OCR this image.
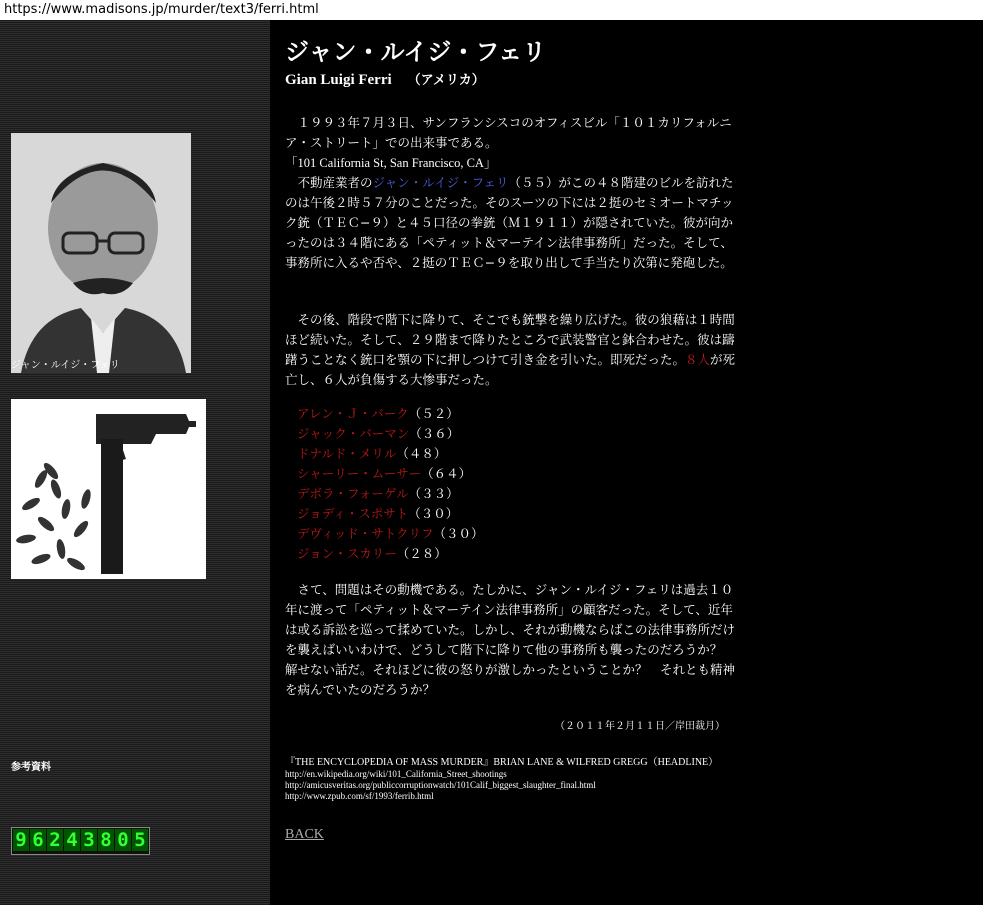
https://www.madisons.jp/murder/text3/ferri.html
ジャン・ルイジ・フェリ
ＴＥＣ−９
参考資料
9 6 2 4 3 8 0 5
ジャン・ルイジ・フェリ
Gian Luigi Ferri （アメリカ）
　１９９３年７月３日、サンフランシスコのオフィスビル「１０１カリフォルニア・ストリート」での出来事である。
「101 California St, San Francisco, CA」
　不動産業者のジャン・ルイジ・フェリ（５５）がこの４８階建のビルを訪れたのは午後２時５７分のことだった。そのスーツの下には２挺のセミオートマチック銃（ＴＥＣ−９）と４５口径の拳銃（Ｍ１９１１）が隠されていた。彼が向かったのは３４階にある「ペティット＆マーテイン法律事務所」だった。そして、事務所に入るや否や、２挺のＴＥＣ−９を取り出して手当たり次第に発砲した。
　その後、階段で階下に降りて、そこでも銃撃を繰り広げた。彼の狼藉は１時間ほど続いた。そして、２９階まで降りたところで武装警官と鉢合わせた。彼は躊躇うことなく銃口を顎の下に押しつけて引き金を引いた。即死だった。８人が死亡し、６人が負傷する大惨事だった。
アレン・Ｊ・バーク（５２）
ジャック・バーマン（３６）
ドナルド・メリル（４８）
シャーリー・ムーサー（６４）
デボラ・フォーゲル（３３）
ジョディ・スポサト（３０）
デヴィッド・サトクリフ（３０）
ジョン・スカリー（２８）
　さて、問題はその動機である。たしかに、ジャン・ルイジ・フェリは過去１０年に渡って「ペティット＆マーテイン法律事務所」の顧客だった。そして、近年は或る訴訟を巡って揉めていた。しかし、それが動機ならばこの法律事務所だけを襲えばいいわけで、どうして階下に降りて他の事務所も襲ったのだろうか？　解せない話だ。それほどに彼の怒りが激しかったということか？　それとも精神を病んでいたのだろうか？
（２０１１年２月１１日／岸田裁月）
『THE ENCYCLOPEDIA OF MASS MURDER』BRIAN LANE & WILFRED GREGG（HEADLINE）
http://en.wikipedia.org/wiki/101_California_Street_shootings
http://amicusveritas.org/publiccorruptionwatch/101Calif_biggest_slaughter_final.html
http://www.zpub.com/sf/1993/ferrib.html
BACK
